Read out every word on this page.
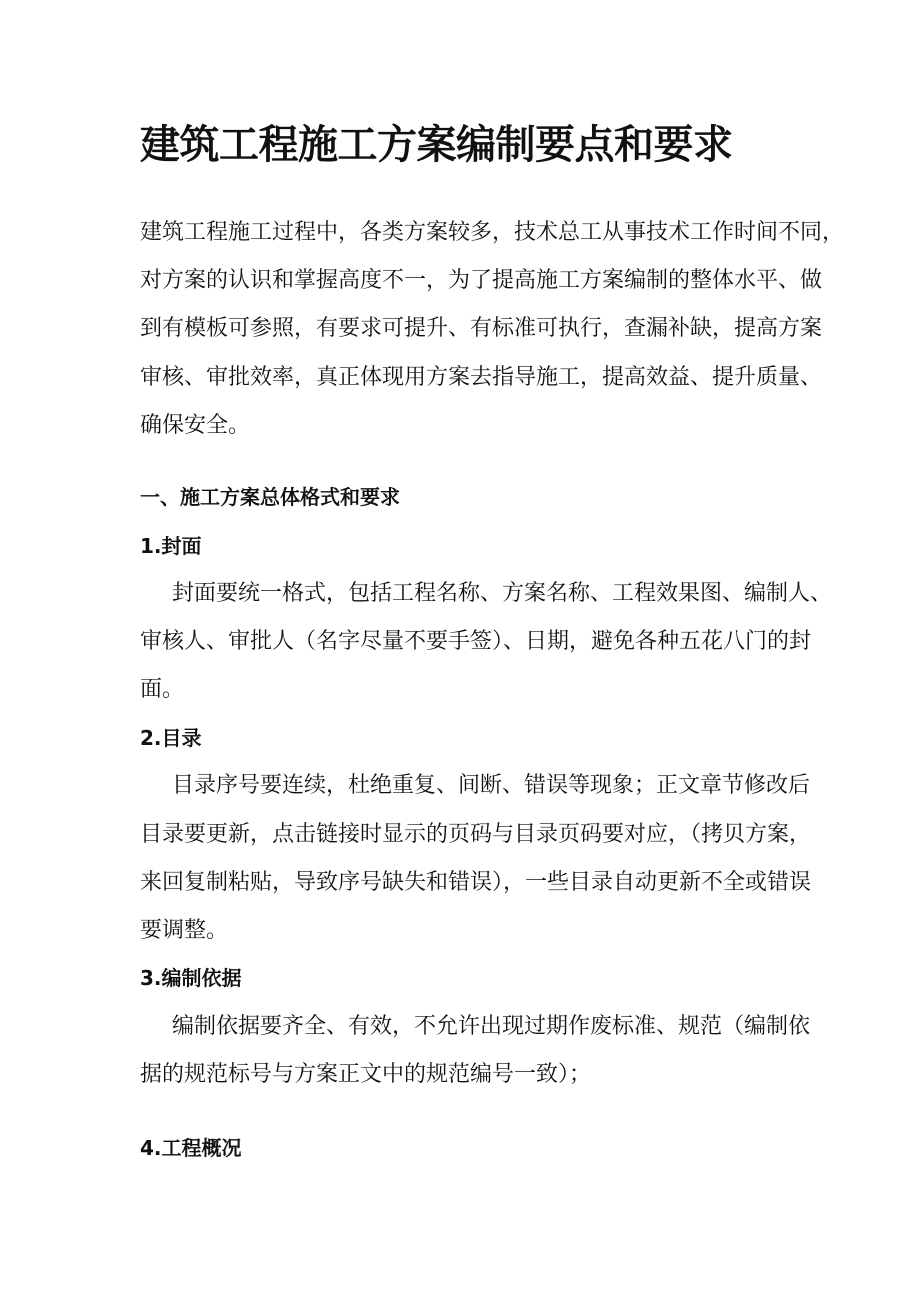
建筑工程施工方案编制要点和要求
建筑工程施工过程中，各类方案较多，技术总工从事技术工作时间不同，
对方案的认识和掌握高度不一，为了提高施工方案编制的整体水平、做
到有模板可参照，有要求可提升、有标准可执行，查漏补缺，提高方案
审核、审批效率，真正体现用方案去指导施工，提高效益、提升质量、
确保安全。
一、施工方案总体格式和要求
1.封面
封面要统一格式，包括工程名称、方案名称、工程效果图、编制人、
审核人、审批人（名字尽量不要手签）、日期，避免各种五花八门的封
面。
2.目录
目录序号要连续，杜绝重复、间断、错误等现象；正文章节修改后
目录要更新，点击链接时显示的页码与目录页码要对应，（拷贝方案，
来回复制粘贴，导致序号缺失和错误），一些目录自动更新不全或错误
要调整。
3.编制依据
编制依据要齐全、有效，不允许出现过期作废标准、规范（编制依
据的规范标号与方案正文中的规范编号一致）；
4.工程概况
